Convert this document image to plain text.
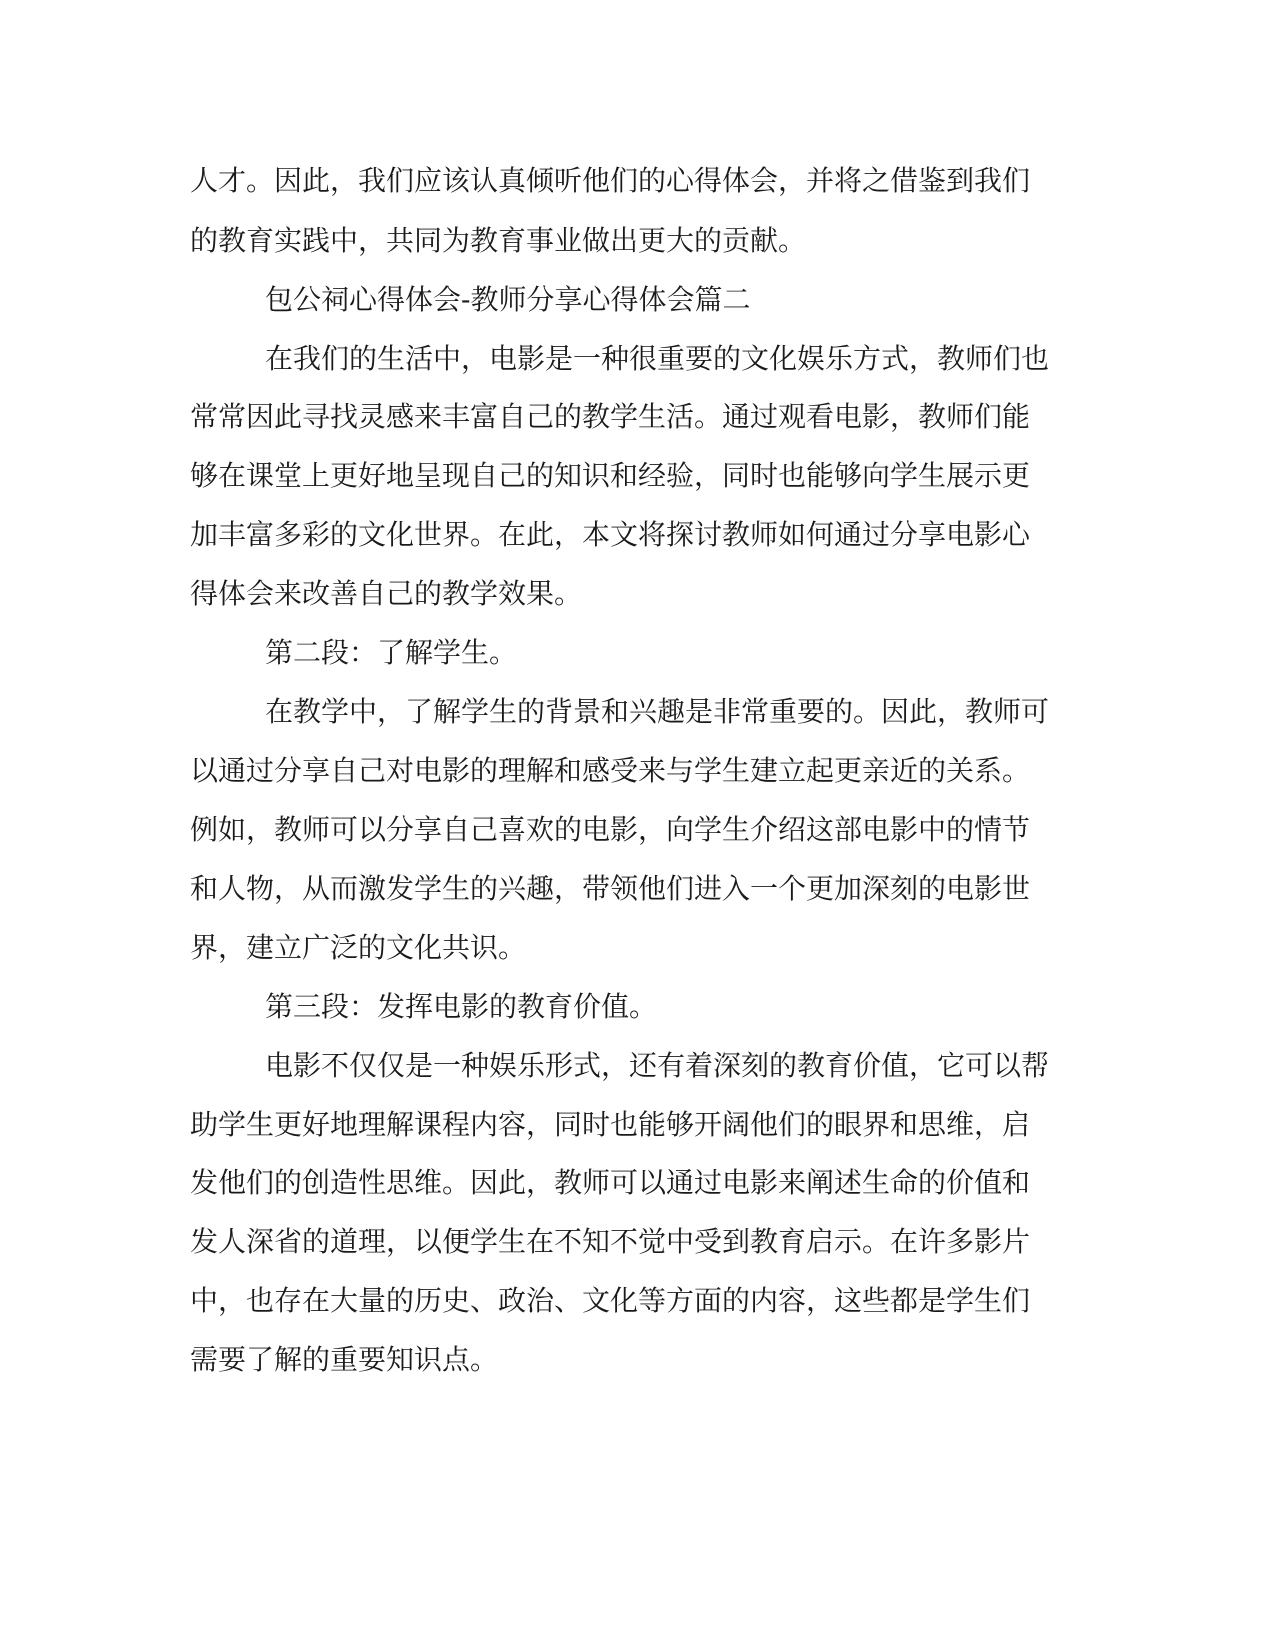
人才。因此，我们应该认真倾听他们的心得体会，并将之借鉴到我们

的教育实践中，共同为教育事业做出更大的贡献。

包公祠心得体会-教师分享心得体会篇二

在我们的生活中，电影是一种很重要的文化娱乐方式，教师们也

常常因此寻找灵感来丰富自己的教学生活。通过观看电影，教师们能

够在课堂上更好地呈现自己的知识和经验，同时也能够向学生展示更

加丰富多彩的文化世界。在此，本文将探讨教师如何通过分享电影心

得体会来改善自己的教学效果。

第二段：了解学生。

在教学中，了解学生的背景和兴趣是非常重要的。因此，教师可

以通过分享自己对电影的理解和感受来与学生建立起更亲近的关系。

例如，教师可以分享自己喜欢的电影，向学生介绍这部电影中的情节

和人物，从而激发学生的兴趣，带领他们进入一个更加深刻的电影世

界，建立广泛的文化共识。

第三段：发挥电影的教育价值。

电影不仅仅是一种娱乐形式，还有着深刻的教育价值，它可以帮

助学生更好地理解课程内容，同时也能够开阔他们的眼界和思维，启

发他们的创造性思维。因此，教师可以通过电影来阐述生命的价值和

发人深省的道理，以便学生在不知不觉中受到教育启示。在许多影片

中，也存在大量的历史、政治、文化等方面的内容，这些都是学生们

需要了解的重要知识点。
